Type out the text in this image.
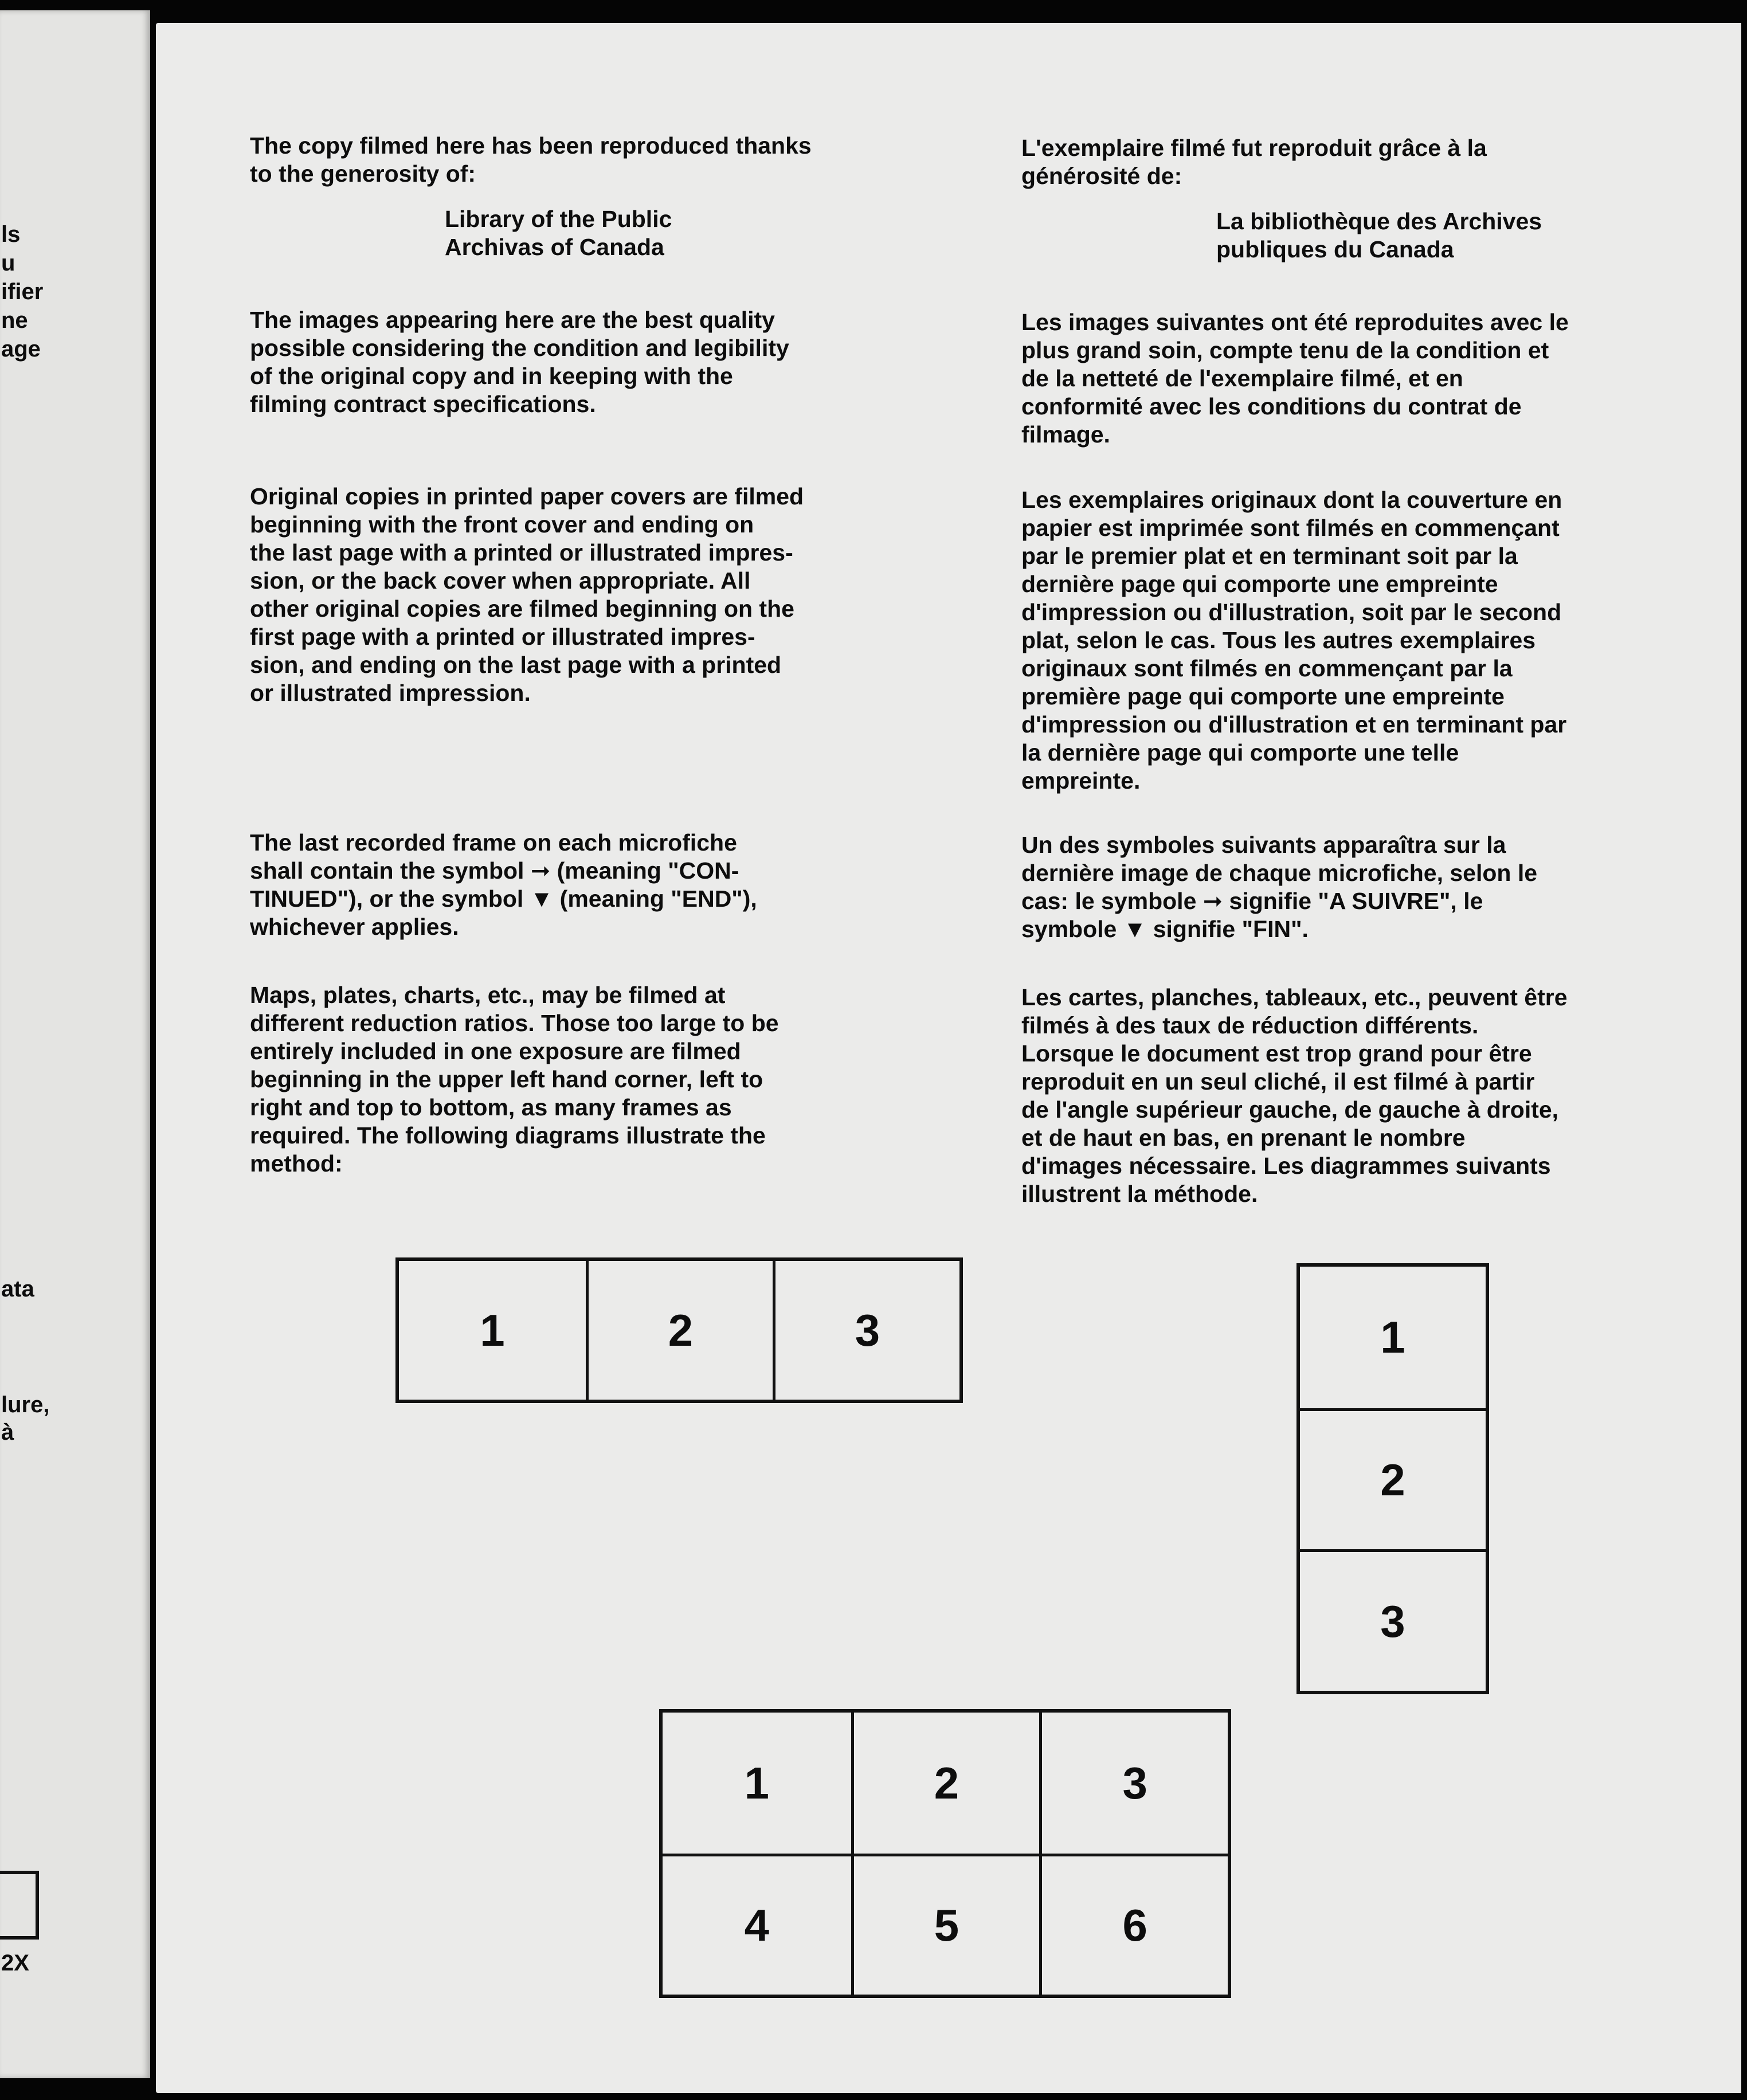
ls

u

ifier

ne

age

ata

lure,

à

2X

The copy filmed here has been reproduced thanks
to the generosity of:

Library of the Public
Archivas of Canada

The images appearing here are the best quality
possible considering the condition and legibility
of the original copy and in keeping with the
filming contract specifications.

Original copies in printed paper covers are filmed
beginning with the front cover and ending on
the last page with a printed or illustrated impres-
sion, or the back cover when appropriate. All
other original copies are filmed beginning on the
first page with a printed or illustrated impres-
sion, and ending on the last page with a printed
or illustrated impression.

The last recorded frame on each microfiche
shall contain the symbol ➞ (meaning "CON-
TINUED"), or the symbol ▼ (meaning "END"),
whichever applies.

Maps, plates, charts, etc., may be filmed at
different reduction ratios. Those too large to be
entirely included in one exposure are filmed
beginning in the upper left hand corner, left to
right and top to bottom, as many frames as
required. The following diagrams illustrate the
method:

L'exemplaire filmé fut reproduit grâce à la
générosité de:

La bibliothèque des Archives
publiques du Canada

Les images suivantes ont été reproduites avec le
plus grand soin, compte tenu de la condition et
de la netteté de l'exemplaire filmé, et en
conformité avec les conditions du contrat de
filmage.

Les exemplaires originaux dont la couverture en
papier est imprimée sont filmés en commençant
par le premier plat et en terminant soit par la
dernière page qui comporte une empreinte
d'impression ou d'illustration, soit par le second
plat, selon le cas. Tous les autres exemplaires
originaux sont filmés en commençant par la
première page qui comporte une empreinte
d'impression ou d'illustration et en terminant par
la dernière page qui comporte une telle
empreinte.

Un des symboles suivants apparaîtra sur la
dernière image de chaque microfiche, selon le
cas: le symbole ➞ signifie "A SUIVRE", le
symbole ▼ signifie "FIN".

Les cartes, planches, tableaux, etc., peuvent être
filmés à des taux de réduction différents.
Lorsque le document est trop grand pour être
reproduit en un seul cliché, il est filmé à partir
de l'angle supérieur gauche, de gauche à droite,
et de haut en bas, en prenant le nombre
d'images nécessaire. Les diagrammes suivants
illustrent la méthode.

1	2	3	1
2
3
1	2	3
4	5	6
